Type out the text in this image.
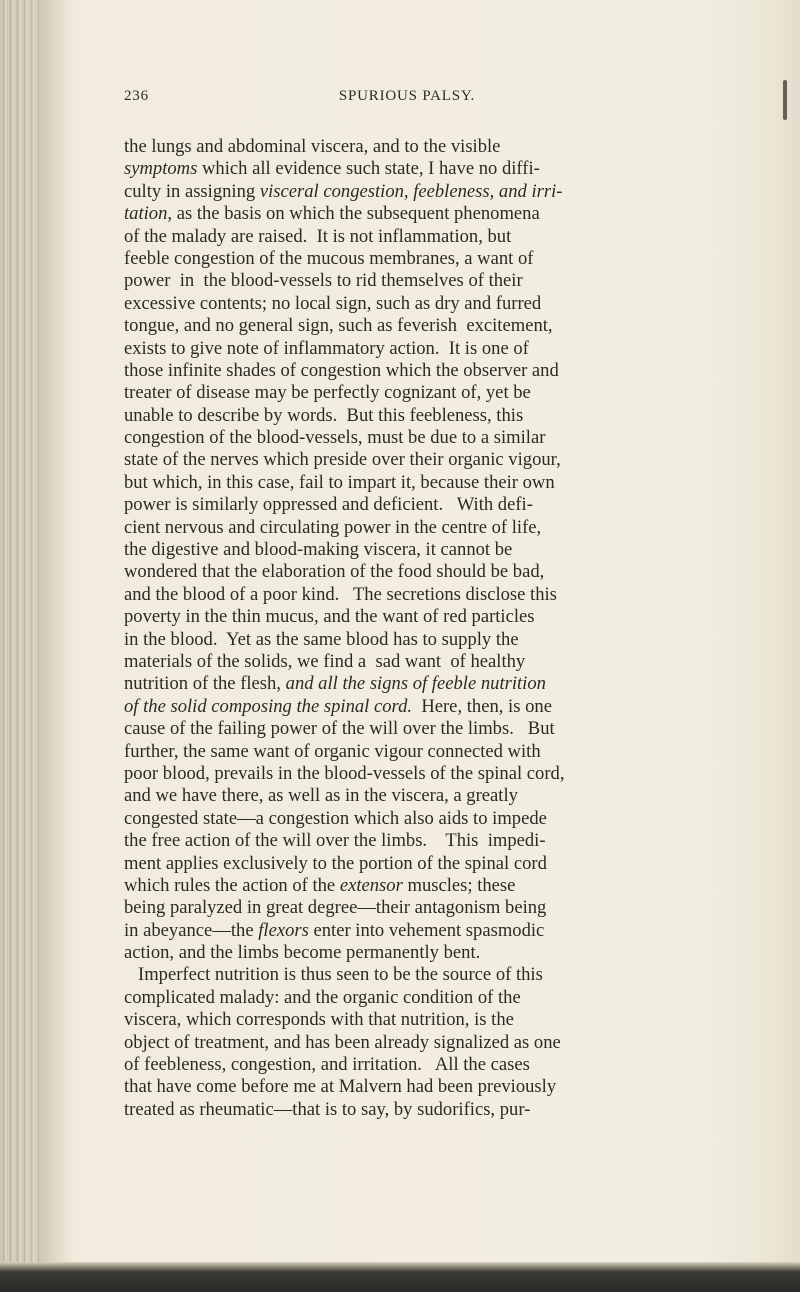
236	SPURIOUS PALSY.
the lungs and abdominal viscera, and to the visible
symptoms which all evidence such state, I have no diffi-
culty in assigning visceral congestion, feebleness, and irri-
tation, as the basis on which the subsequent phenomena
of the malady are raised.  It is not inflammation, but
feeble congestion of the mucous membranes, a want of
power  in  the blood-vessels to rid themselves of their
excessive contents; no local sign, such as dry and furred
tongue, and no general sign, such as feverish  excitement,
exists to give note of inflammatory action.  It is one of
those infinite shades of congestion which the observer and
treater of disease may be perfectly cognizant of, yet be
unable to describe by words.  But this feebleness, this
congestion of the blood-vessels, must be due to a similar
state of the nerves which preside over their organic vigour,
but which, in this case, fail to impart it, because their own
power is similarly oppressed and deficient.   With defi-
cient nervous and circulating power in the centre of life,
the digestive and blood-making viscera, it cannot be
wondered that the elaboration of the food should be bad,
and the blood of a poor kind.   The secretions disclose this
poverty in the thin mucus, and the want of red particles
in the blood.  Yet as the same blood has to supply the
materials of the solids, we find a  sad want  of healthy
nutrition of the flesh, and all the signs of feeble nutrition
of the solid composing the spinal cord.  Here, then, is one
cause of the failing power of the will over the limbs.   But
further, the same want of organic vigour connected with
poor blood, prevails in the blood-vessels of the spinal cord,
and we have there, as well as in the viscera, a greatly
congested state—a congestion which also aids to impede
the free action of the will over the limbs.    This  impedi-
ment applies exclusively to the portion of the spinal cord
which rules the action of the extensor muscles; these
being paralyzed in great degree—their antagonism being
in abeyance—the flexors enter into vehement spasmodic
action, and the limbs become permanently bent.
Imperfect nutrition is thus seen to be the source of this
complicated malady: and the organic condition of the
viscera, which corresponds with that nutrition, is the
object of treatment, and has been already signalized as one
of feebleness, congestion, and irritation.   All the cases
that have come before me at Malvern had been previously
treated as rheumatic—that is to say, by sudorifics, pur-
